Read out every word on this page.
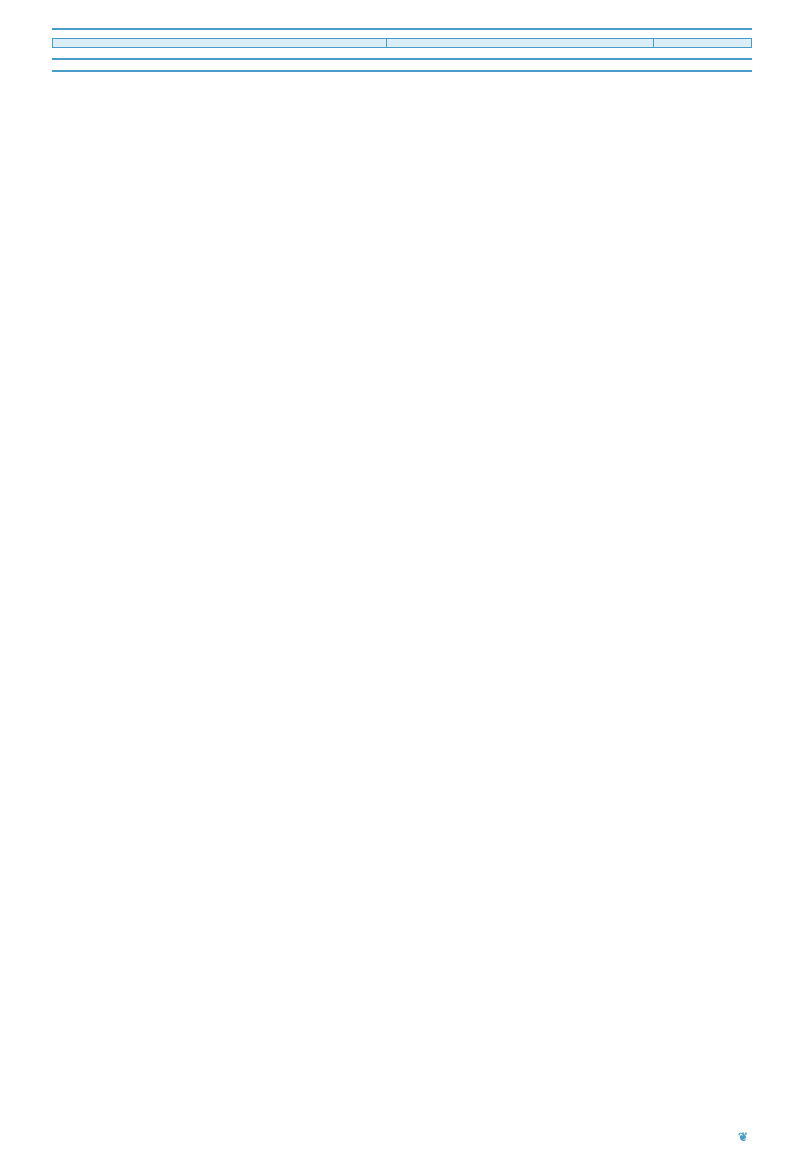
❦
